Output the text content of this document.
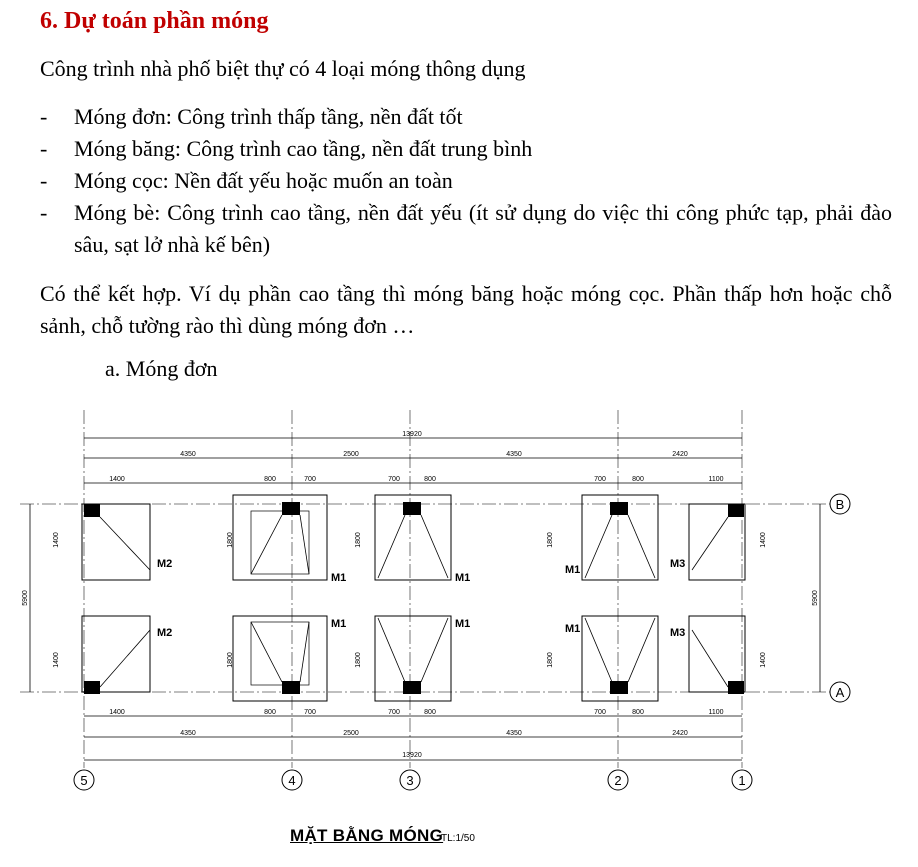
6. Dự toán phần móng
Công trình nhà phố biệt thự có 4 loại móng thông dụng
- Móng đơn: Công trình thấp tầng, nền đất tốt
- Móng băng: Công trình cao tầng, nền đất trung bình
- Móng cọc: Nền đất yếu hoặc muốn an toàn
- Móng bè: Công trình cao tầng, nền đất yếu (ít sử dụng do việc thi công phức tạp, phải đào sâu, sạt lở nhà kế bên)
Có thể kết hợp. Ví dụ phần cao tầng thì móng băng hoặc móng cọc. Phần thấp hơn hoặc chỗ sảnh, chỗ tường rào thì dùng móng đơn …
a. Móng đơn
13920
4350	2500	4350	2420
1400	800	700	700	800	700	800	1100
1400	800	700	700	800	700	800	1100
4350	2500	4350	2420
13920
5900	5900
1400	1800	1800	1800	1400
1400	1800	1800	1800	1400
M2
M1	M1
M1	M3
M2
M1	M1	M1	M3
5	4	3	2	1
B
A
MẶT BẰNG MÓNG
TL:1/50
